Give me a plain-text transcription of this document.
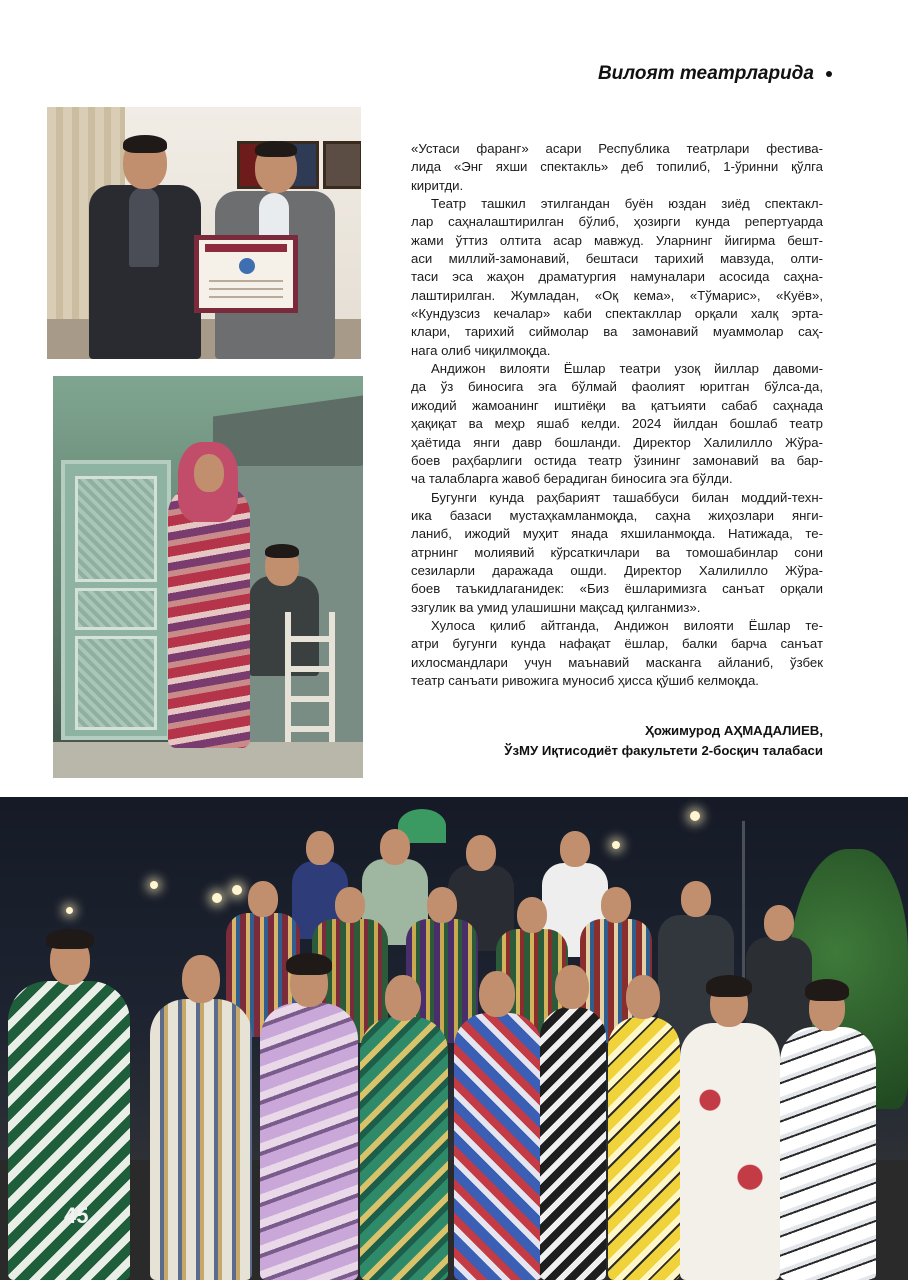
Вилоят театрларида
«Устаси фаранг» асари Республика театрлари фестива-
лида «Энг яхши спектакль» деб топилиб, 1-ўринни қўлга
киритди.
Театр ташкил этилгандан буён юздан зиёд спектакл-
лар саҳналаштирилган бўлиб, ҳозирги кунда репертуарда
жами ўттиз олтита асар мавжуд. Уларнинг йигирма бешт-
аси миллий-замонавий, бештаси тарихий мавзуда, олти-
таси эса жаҳон драматургия намуналари асосида саҳна-
лаштирилган. Жумладан, «Оқ кема», «Тўмарис», «Куёв»,
«Кундузсиз кечалар» каби спектакллар орқали халқ эрта-
клари, тарихий сиймолар ва замонавий муаммолар саҳ-
нага олиб чиқилмоқда.
Андижон вилояти Ёшлар театри узоқ йиллар давоми-
да ўз биносига эга бўлмай фаолият юритган бўлса-да,
ижодий жамоанинг иштиёқи ва қатъияти сабаб саҳнада
ҳақиқат ва меҳр яшаб келди. 2024 йилдан бошлаб театр
ҳаётида янги давр бошланди. Директор Халилилло Жўра-
боев раҳбарлиги остида театр ўзининг замонавий ва бар-
ча талабларга жавоб берадиган биносига эга бўлди.
Бугунги кунда раҳбарият ташаббуси билан моддий-техн-
ика базаси мустаҳкамланмоқда, саҳна жиҳозлари янги-
ланиб, ижодий муҳит янада яхшиланмоқда. Натижада, те-
атрнинг молиявий кўрсаткичлари ва томошабинлар сони
сезиларли даражада ошди. Директор Халилилло Жўра-
боев таъкидлаганидек: «Биз ёшларимизга санъат орқали
эзгулик ва умид улашишни мақсад қилганмиз».
Хулоса қилиб айтганда, Андижон вилояти Ёшлар те-
атри бугунги кунда нафақат ёшлар, балки барча санъат
ихлосмандлари учун маънавий масканга айланиб, ўзбек
театр санъати ривожига муносиб ҳисса қўшиб келмоқда.
Ҳожимурод АҲМАДАЛИЕВ,
ЎзМУ Иқтисодиёт факультети 2-босқич талабаси
45
